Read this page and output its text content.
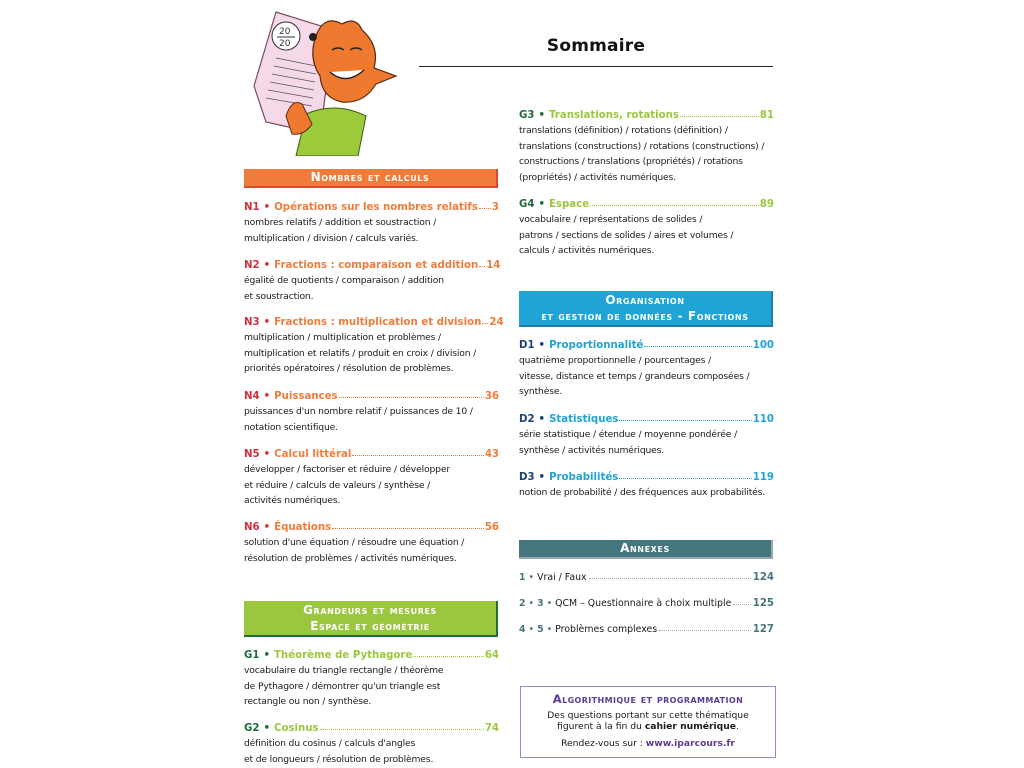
20
20	Sommaire
Nombres et calculs
Grandeurs et mesures
Espace et géométrie
Organisation
et gestion de données - Fonctions
Annexes
N1 • Opérations sur les nombres relatifs 3
nombres relatifs / addition et soustraction /
multiplication / division / calculs variés.
N2 • Fractions : comparaison et addition 14
égalité de quotients / comparaison / addition
et soustraction.
N3 • Fractions : multiplication et division 24
multiplication / multiplication et problèmes /
multiplication et relatifs / produit en croix / division /
priorités opératoires / résolution de problèmes.
N4 • Puissances	36
puissances d'un nombre relatif / puissances de 10 /
notation scientifique.
N5 • Calcul littéral	43
développer / factoriser et réduire / développer
et réduire / calculs de valeurs / synthèse /
activités numériques.
N6 • Équations	56
solution d'une équation / résoudre une équation /
résolution de problèmes / activités numériques.
G1 • Théorème de Pythagore	64
vocabulaire du triangle rectangle / théorème
de Pythagore / démontrer qu'un triangle est
rectangle ou non / synthèse.
G2 • Cosinus	74
définition du cosinus / calculs d'angles
et de longueurs / résolution de problèmes.
G3 • Translations, rotations	81
translations (définition) / rotations (définition) /
translations (constructions) / rotations (constructions) /
constructions / translations (propriétés) / rotations
(propriétés) / activités numériques.
G4 • Espace	89
vocabulaire / représentations de solides /
patrons / sections de solides / aires et volumes /
calculs / activités numériques.
D1 • Proportionnalité	100
quatrième proportionnelle / pourcentages /
vitesse, distance et temps / grandeurs composées /
synthèse.
D2 • Statistiques	110
série statistique / étendue / moyenne pondérée /
synthèse / activités numériques.
D3 • Probabilités	119
notion de probabilité / des fréquences aux probabilités.
1 • Vrai / Faux	124
2 • 3 • QCM – Questionnaire à choix multiple 125
4 • 5 • Problèmes complexes	127
Algorithmique et programmation
Des questions portant sur cette thématique
figurent à la fin du cahier numérique.
Rendez-vous sur : www.iparcours.fr
